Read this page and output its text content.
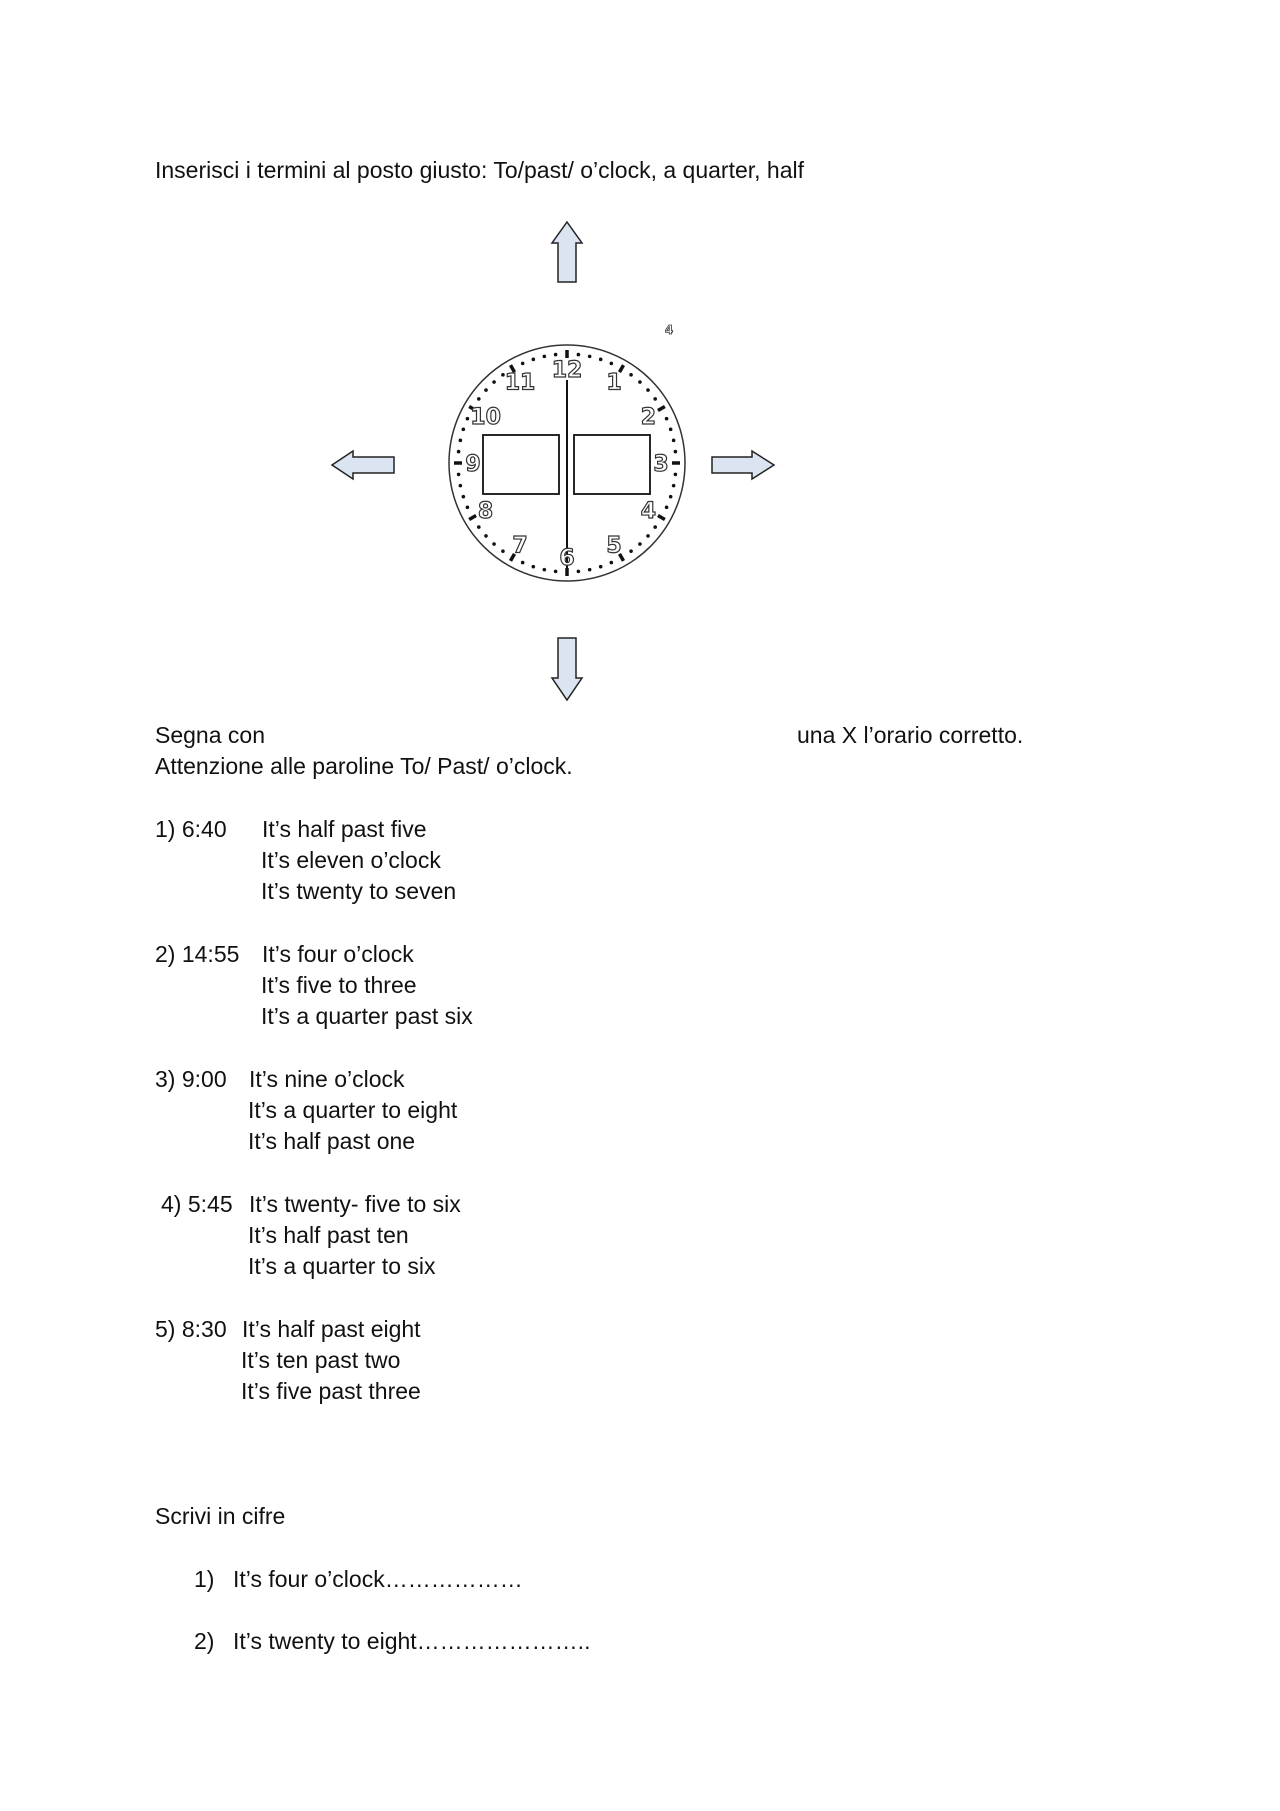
Inserisci i termini al posto giusto: To/past/ o’clock, a quarter, half
12
1
2
3
4
5
6
7
8
9
10
11
4
Segna con	una X l’orario corretto.
Attenzione alle paroline To/ Past/ o’clock.
1) 6:40 It’s half past five
It’s eleven o’clock
It’s twenty to seven
2) 14:55 It’s four o’clock
It’s five to three
It’s a quarter past six
3) 9:00 It’s nine o’clock
It’s a quarter to eight
It’s half past one
4) 5:45 It’s twenty- five to six
It’s half past ten
It’s a quarter to six
5) 8:30 It’s half past eight
It’s ten past two
It’s five past three
Scrivi in cifre
1) It’s four o’clock………………
2) It’s twenty to eight…………………..
